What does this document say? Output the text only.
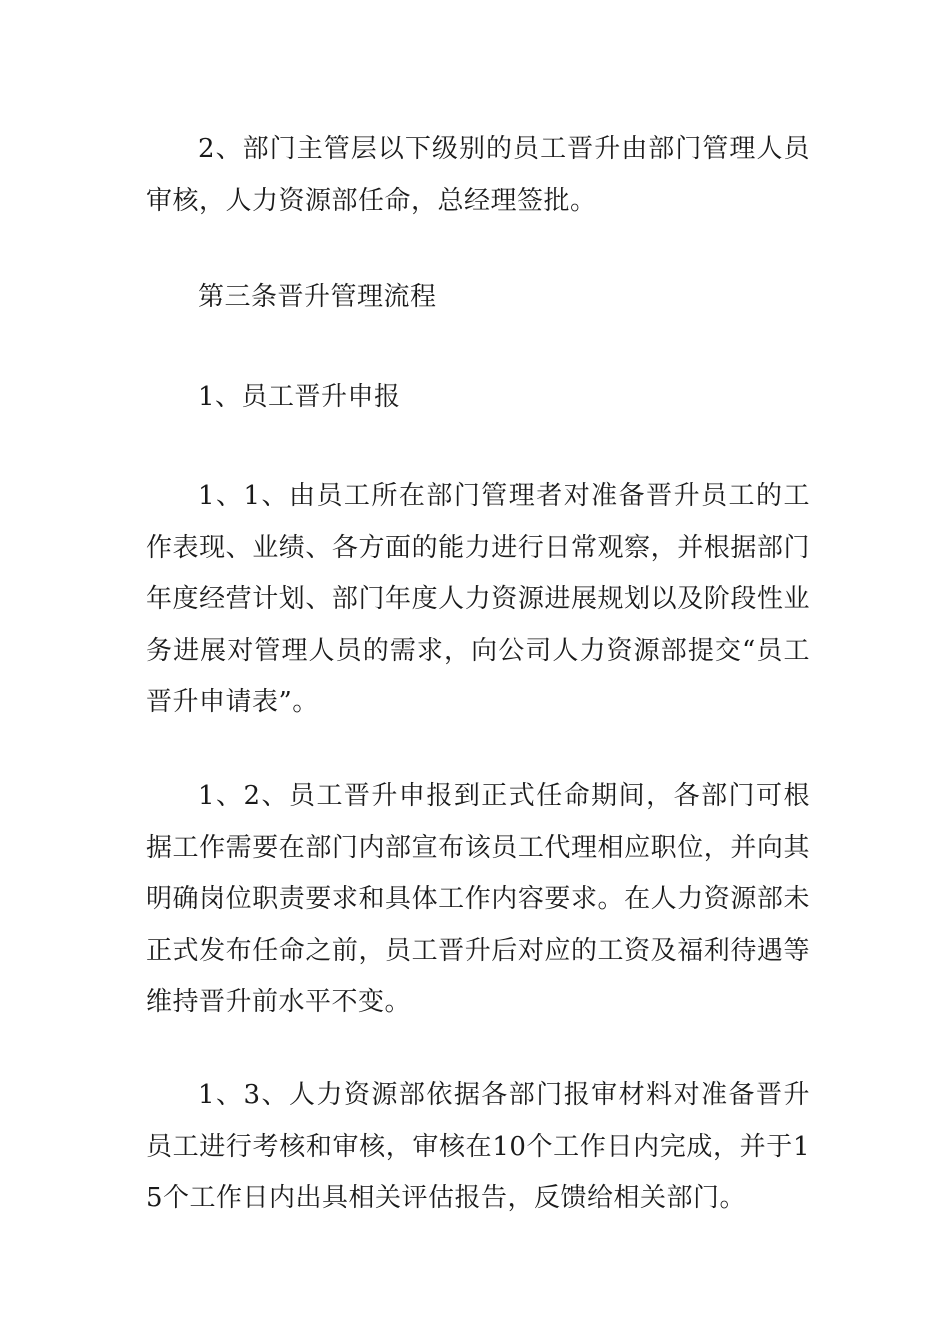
2、部门主管层以下级别的员工晋升由部门管理人员审核，人力资源部任命，总经理签批。

第三条晋升管理流程

1、员工晋升申报

1、1、由员工所在部门管理者对准备晋升员工的工作表现、业绩、各方面的能力进行日常观察，并根据部门年度经营计划、部门年度人力资源进展规划以及阶段性业务进展对管理人员的需求，向公司人力资源部提交“员工晋升申请表”。

1、2、员工晋升申报到正式任命期间，各部门可根据工作需要在部门内部宣布该员工代理相应职位，并向其明确岗位职责要求和具体工作内容要求。在人力资源部未正式发布任命之前，员工晋升后对应的工资及福利待遇等维持晋升前水平不变。

1、3、人力资源部依据各部门报审材料对准备晋升员工进行考核和审核，审核在10个工作日内完成，并于15个工作日内出具相关评估报告，反馈给相关部门。
